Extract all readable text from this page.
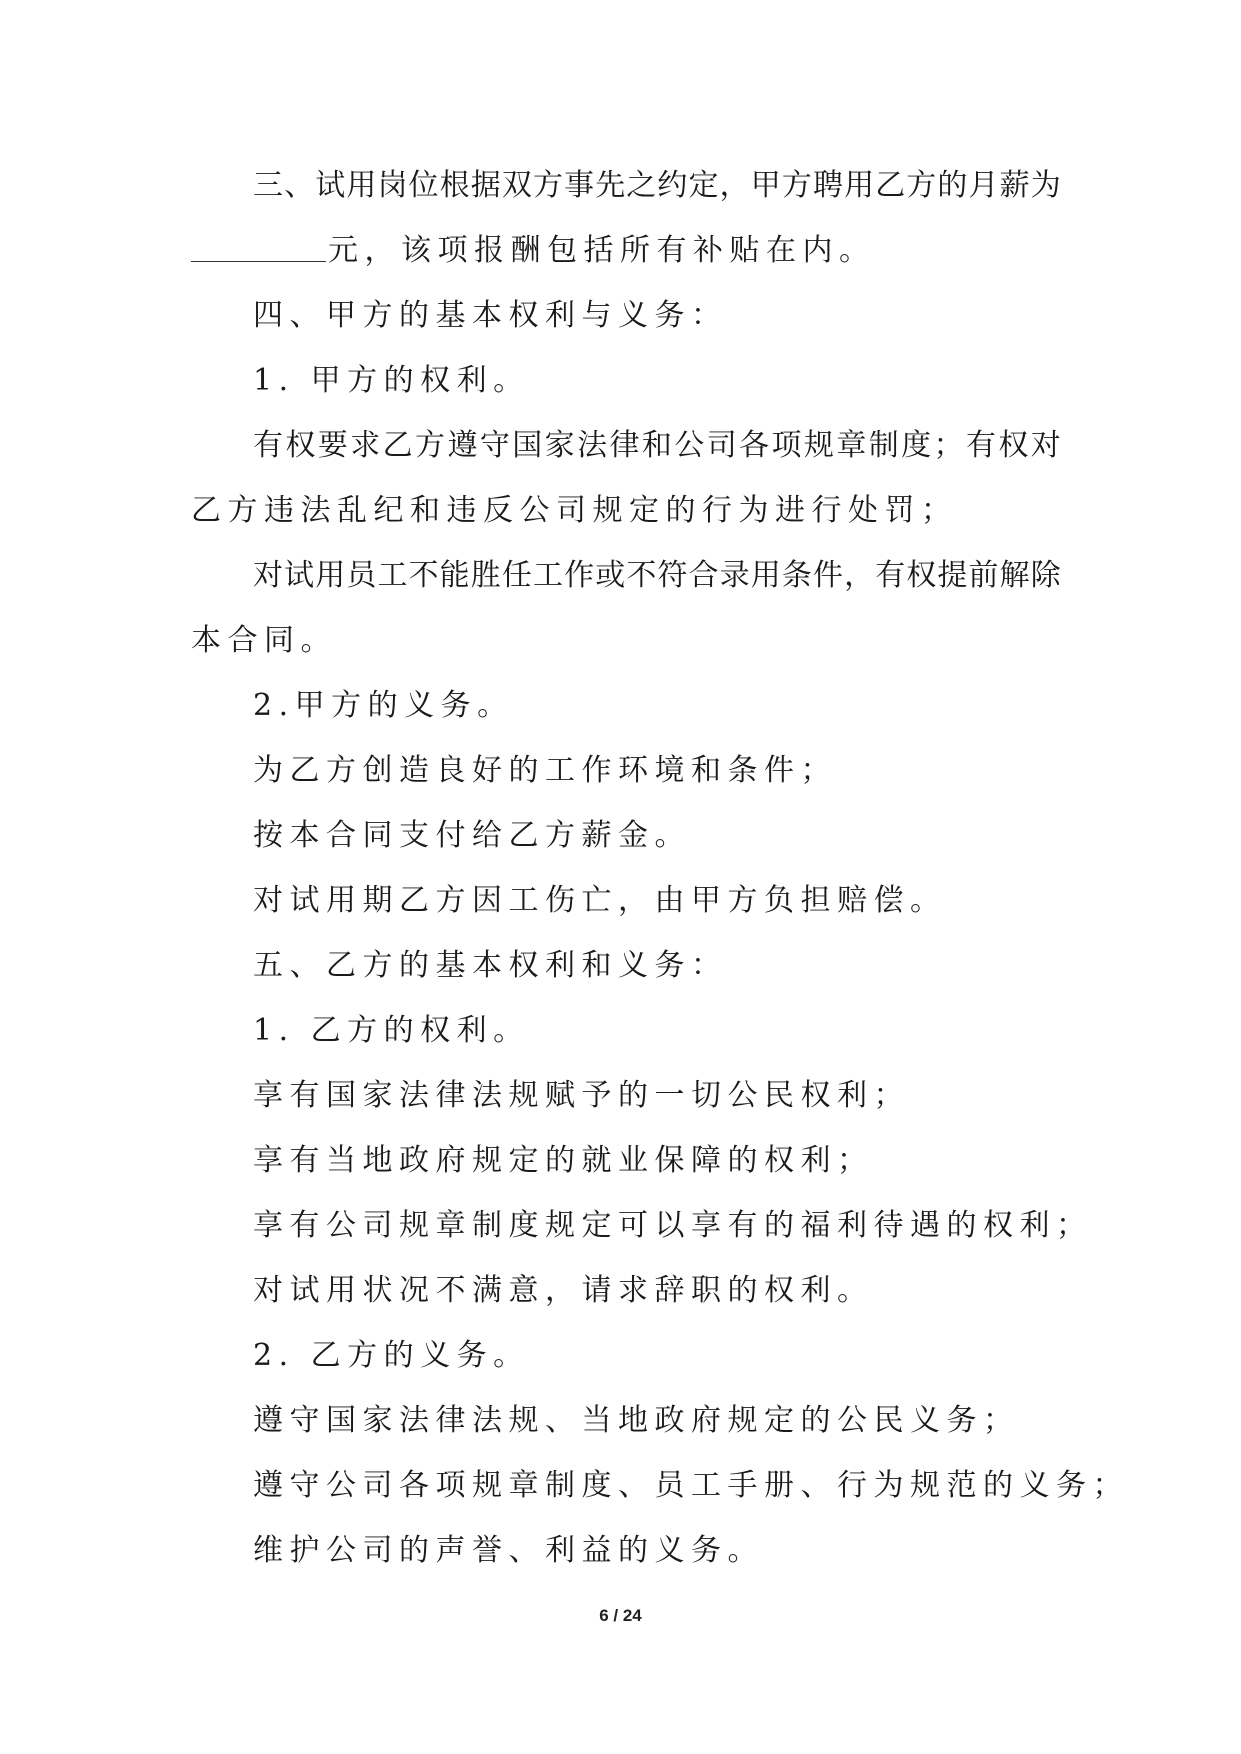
三 、 试 用 岗 位 根 据 双 方 事 先 之 约 定 ， 甲 方 聘 用 乙 方 的 月 薪 为
元，该项报酬包括所有补贴在内。
四、甲方的基本权利与义务：
1. 甲方的权利。
有 权 要 求 乙 方 遵 守 国 家 法 律 和 公 司 各 项 规 章 制 度 ； 有 权 对
乙方违法乱纪和违反公司规定的行为进行处罚；
对 试 用 员 工 不 能 胜 任 工 作 或 不 符 合 录 用 条 件 ， 有 权 提 前 解 除
本合同。
2.甲方的义务。
为乙方创造良好的工作环境和条件；
按本合同支付给乙方薪金。
对试用期乙方因工伤亡，由甲方负担赔偿。
五、乙方的基本权利和义务：
1. 乙方的权利。
享有国家法律法规赋予的一切公民权利；
享有当地政府规定的就业保障的权利；
享有公司规章制度规定可以享有的福利待遇的权利；
对试用状况不满意，请求辞职的权利。
2. 乙方的义务。
遵守国家法律法规、当地政府规定的公民义务；
遵守公司各项规章制度、员工手册、行为规范的义务；
维护公司的声誉、利益的义务。
6 / 24
